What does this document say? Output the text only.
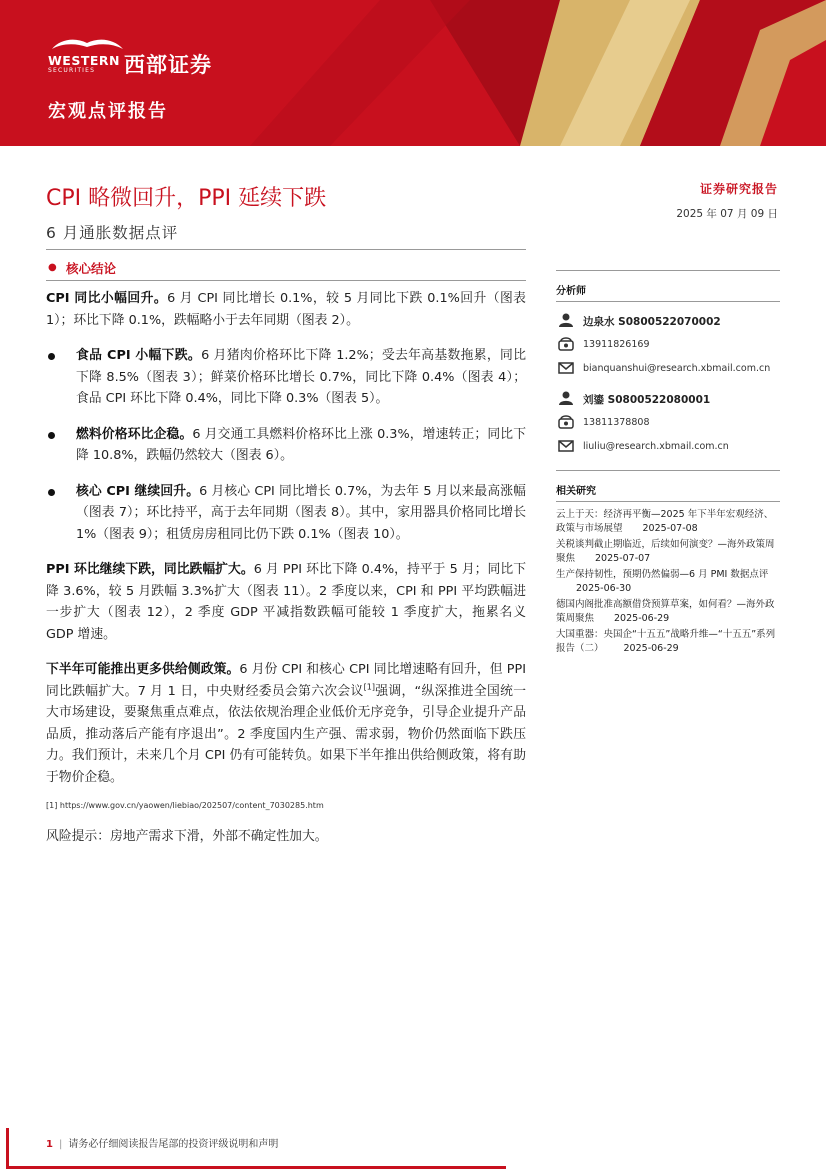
WESTERN
SECURITIES 西部证券
宏观点评报告
CPI 略微回升，PPI 延续下跌
6 月通胀数据点评
证券研究报告
2025 年 07 月 09 日
● 核心结论

CPI 同比小幅回升。6 月 CPI 同比增长 0.1%，较 5 月同比下跌 0.1%回升（图表 1）；环比下降 0.1%，跌幅略小于去年同期（图表 2）。

食品 CPI 小幅下跌。6 月猪肉价格环比下降 1.2%；受去年高基数拖累，同比下降 8.5%（图表 3）；鲜菜价格环比增长 0.7%，同比下降 0.4%（图表 4）；食品 CPI 环比下降 0.4%，同比下降 0.3%（图表 5）。
燃料价格环比企稳。6 月交通工具燃料价格环比上涨 0.3%，增速转正；同比下降 10.8%，跌幅仍然较大（图表 6）。
核心 CPI 继续回升。6 月核心 CPI 同比增长 0.7%，为去年 5 月以来最高涨幅（图表 7）；环比持平，高于去年同期（图表 8）。其中，家用器具价格同比增长 1%（图表 9）；租赁房房租同比仍下跌 0.1%（图表 10）。

PPI 环比继续下跌，同比跌幅扩大。6 月 PPI 环比下降 0.4%，持平于 5 月；同比下降 3.6%，较 5 月跌幅 3.3%扩大（图表 11）。2 季度以来，CPI 和 PPI 平均跌幅进一步扩大（图表 12），2 季度 GDP 平减指数跌幅可能较 1 季度扩大，拖累名义 GDP 增速。

下半年可能推出更多供给侧政策。6 月份 CPI 和核心 CPI 同比增速略有回升，但 PPI 同比跌幅扩大。7 月 1 日，中央财经委员会第六次会议[1]强调，“纵深推进全国统一大市场建设，要聚焦重点难点，依法依规治理企业低价无序竞争，引导企业提升产品品质，推动落后产能有序退出”。2 季度国内生产强、需求弱，物价仍然面临下跌压力。我们预计，未来几个月 CPI 仍有可能转负。如果下半年推出供给侧政策，将有助于物价企稳。

[1] https://www.gov.cn/yaowen/liebiao/202507/content_7030285.htm
风险提示：房地产需求下滑，外部不确定性加大。
分析师
边泉水 S0800522070002
13911826169
bianquanshui@research.xbmail.com.cn
刘鎏 S0800522080001
13811378808
liuliu@research.xbmail.com.cn
相关研究
云上于天：经济再平衡—2025 年下半年宏观经济、政策与市场展望 2025-07-08
关税谈判截止期临近，后续如何演变？—海外政策周聚焦 2025-07-07
生产保持韧性，预期仍然偏弱—6 月 PMI 数据点评2025-06-30
德国内阁批准高额借贷预算草案，如何看？—海外政策周聚焦 2025-06-29
大国重器：央国企“十五五”战略升维—“十五五”系列报告（二） 2025-06-29
1 | 请务必仔细阅读报告尾部的投资评级说明和声明
